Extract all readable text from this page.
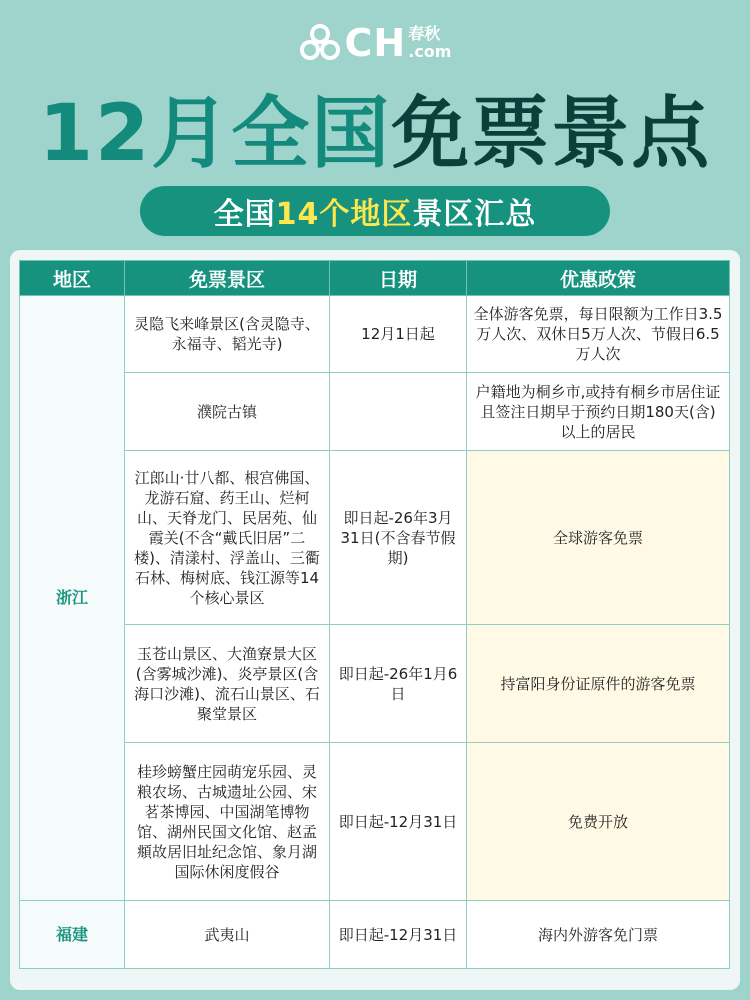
CH 春秋
.com
12月全国免票景点
全国 14个地区 景区汇总
地区	免票景区	日期	优惠政策
浙江	灵隐飞来峰景区(含灵隐寺、永福寺、韬光寺)	12月1日起	全体游客免票，每日限额为工作日3.5万人次、双休日5万人次、节假日6.5万人次
	濮院古镇		户籍地为桐乡市,或持有桐乡市居住证且签注日期早于预约日期180天(含)以上的居民
	江郎山·廿八都、根宫佛国、龙游石窟、药王山、烂柯山、天脊龙门、民居苑、仙霞关(不含“戴氏旧居”二楼)、清漾村、浮盖山、三衢石林、梅树底、钱江源等14个核心景区	即日起-26年3月31日(不含春节假期)	全球游客免票
	玉苍山景区、大渔寮景大区(含雾城沙滩)、炎亭景区(含海口沙滩)、流石山景区、石聚堂景区	即日起-26年1月6日	持富阳身份证原件的游客免票
	桂珍螃蟹庄园萌宠乐园、灵粮农场、古城遗址公园、宋茗茶博园、中国湖笔博物馆、湖州民国文化馆、赵孟頫故居旧址纪念馆、象月湖国际休闲度假谷	即日起-12月31日	免费开放
福建	武夷山	即日起-12月31日	海内外游客免门票
